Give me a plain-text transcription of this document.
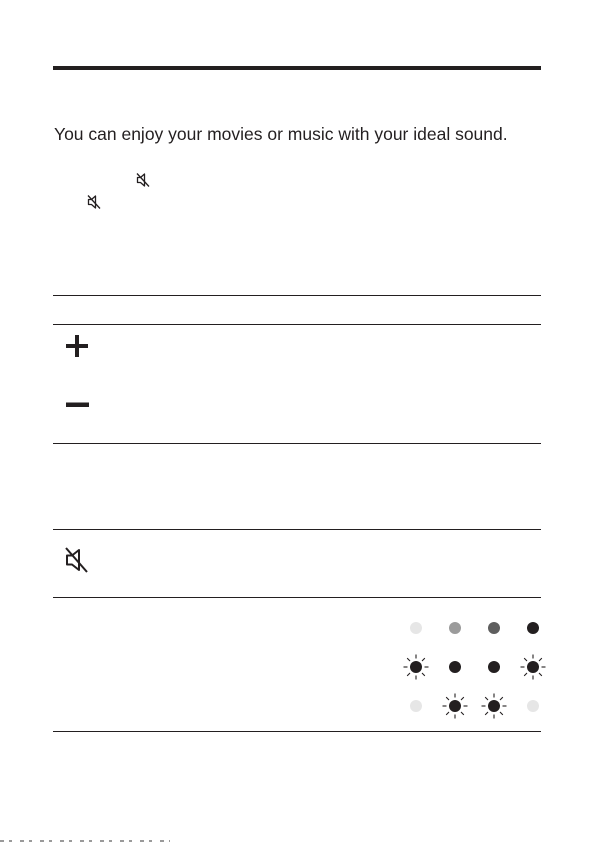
You can enjoy your movies or music with your ideal sound.
